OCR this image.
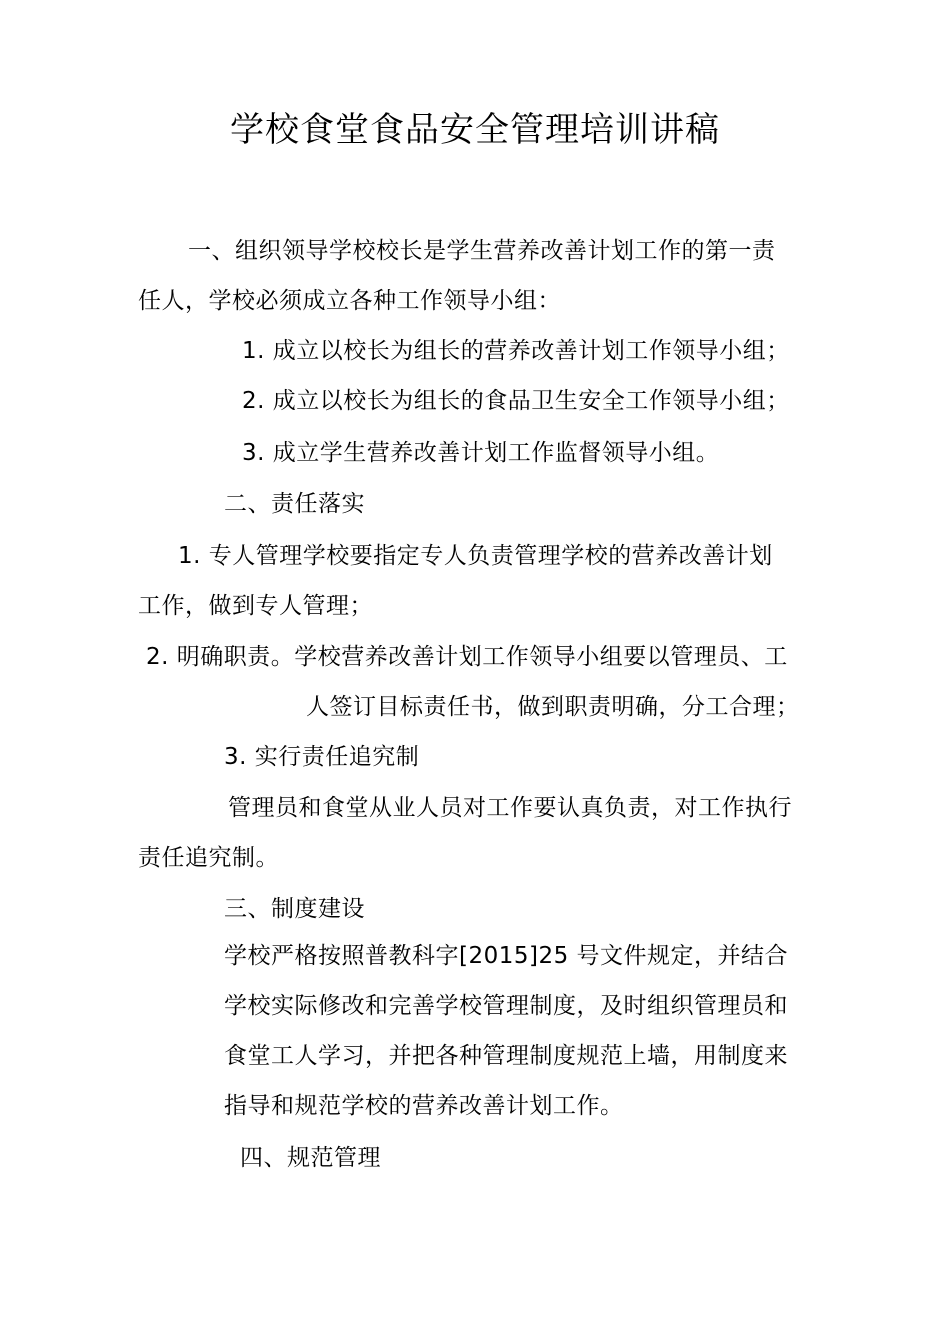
学校食堂食品安全管理培训讲稿
一、组织领导学校校长是学生营养改善计划工作的第一责
任人，学校必须成立各种工作领导小组：
1. 成立以校长为组长的营养改善计划工作领导小组；
2. 成立以校长为组长的食品卫生安全工作领导小组；
3. 成立学生营养改善计划工作监督领导小组。
二、责任落实
1. 专人管理学校要指定专人负责管理学校的营养改善计划
工作，做到专人管理；
2. 明确职责。学校营养改善计划工作领导小组要以管理员、工
人签订目标责任书，做到职责明确，分工合理；
3. 实行责任追究制
管理员和食堂从业人员对工作要认真负责，对工作执行
责任追究制。
三、制度建设
学校严格按照普教科字[2015]25 号文件规定，并结合
学校实际修改和完善学校管理制度，及时组织管理员和
食堂工人学习，并把各种管理制度规范上墙，用制度来
指导和规范学校的营养改善计划工作。
四、规范管理
